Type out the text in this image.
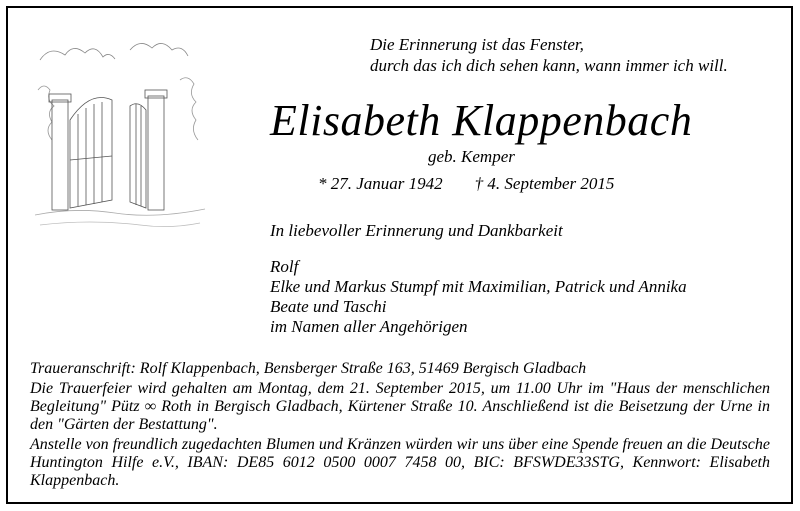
Die Erinnerung ist das Fenster,
durch das ich dich sehen kann, wann immer ich will.
Elisabeth Klappenbach
geb. Kemper
* 27. Januar 1942 † 4. September 2015
In liebevoller Erinnerung und Dankbarkeit
Rolf
Elke und Markus Stumpf mit Maximilian, Patrick und Annika
Beate und Taschi
im Namen aller Angehörigen

Traueranschrift: Rolf Klappenbach, Bensberger Straße 163, 51469 Bergisch Gladbach

Die Trauerfeier wird gehalten am Montag, dem 21. September 2015, um 11.00 Uhr im "Haus der menschlichen Begleitung" Pütz ∞ Roth in Bergisch Gladbach, Kürtener Straße 10. Anschließend ist die Beisetzung der Urne in den "Gärten der Bestattung".

Anstelle von freundlich zugedachten Blumen und Kränzen würden wir uns über eine Spende freuen an die Deutsche Huntington Hilfe e.V., IBAN: DE85 6012 0500 0007 7458 00, BIC: BFSWDE33STG, Kennwort: Elisabeth Klappenbach.
